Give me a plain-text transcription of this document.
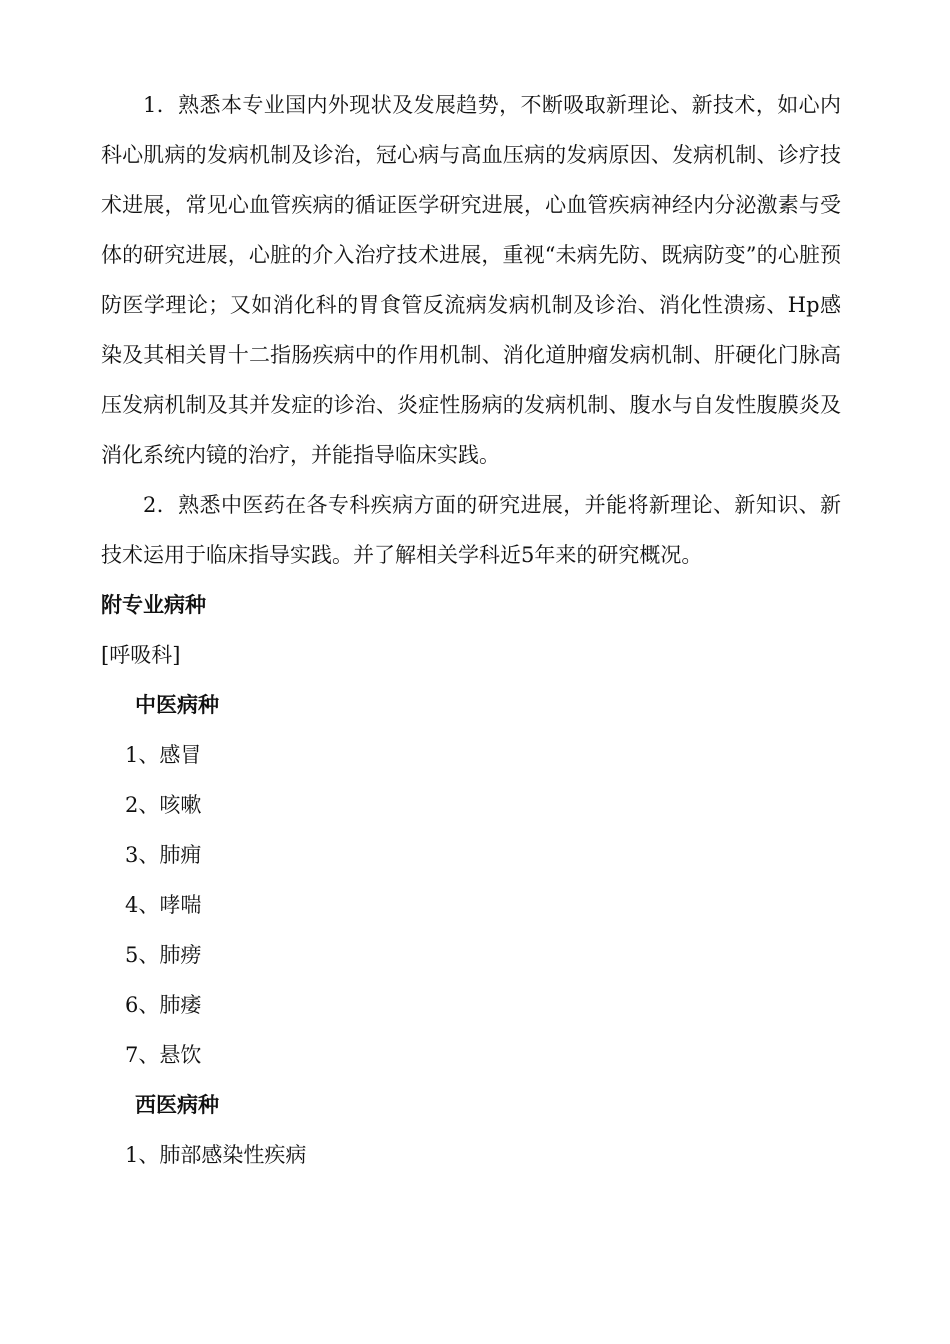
1．熟悉本专业国内外现状及发展趋势，不断吸取新理论、新技术，如心内科心肌病的发病机制及诊治，冠心病与高血压病的发病原因、发病机制、诊疗技术进展，常见心血管疾病的循证医学研究进展，心血管疾病神经内分泌激素与受体的研究进展，心脏的介入治疗技术进展，重视“未病先防、既病防变”的心脏预防医学理论；又如消化科的胃食管反流病发病机制及诊治、消化性溃疡、Hp感染及其相关胃十二指肠疾病中的作用机制、消化道肿瘤发病机制、肝硬化门脉高压发病机制及其并发症的诊治、炎症性肠病的发病机制、腹水与自发性腹膜炎及消化系统内镜的治疗，并能指导临床实践。

2．熟悉中医药在各专科疾病方面的研究进展，并能将新理论、新知识、新技术运用于临床指导实践。并了解相关学科近5年来的研究概况。

附专业病种

[呼吸科]

中医病种

1、感冒

2、咳嗽

3、肺痈

4、哮喘

5、肺痨

6、肺痿

7、悬饮

西医病种

1、肺部感染性疾病
